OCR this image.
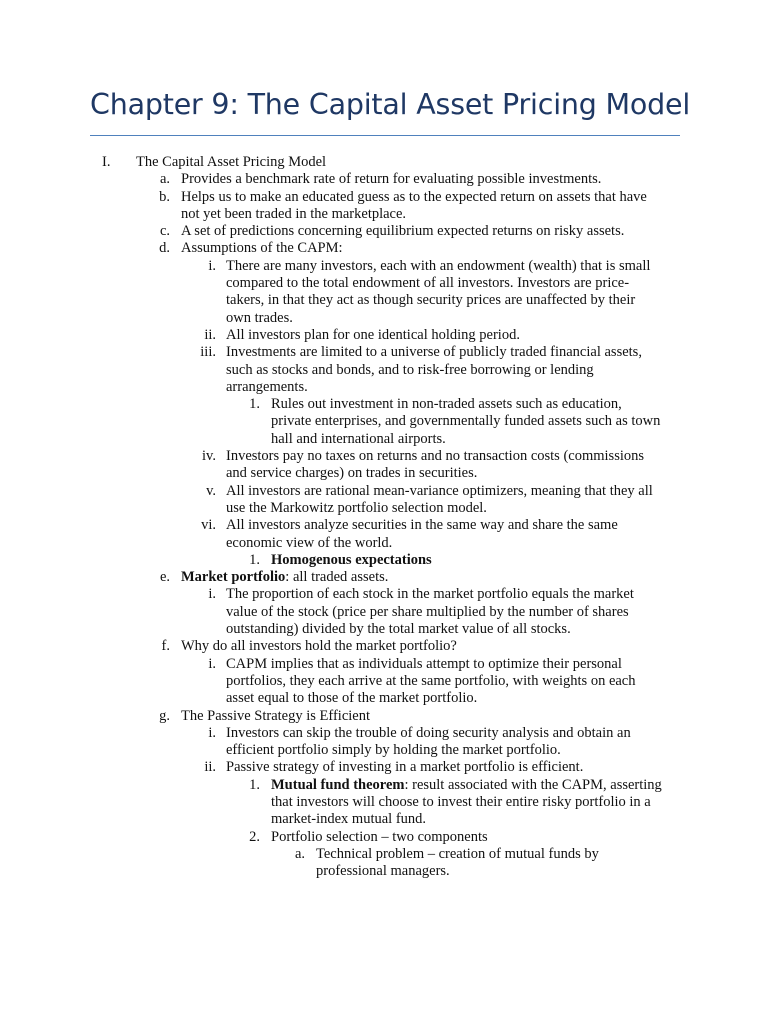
Chapter 9: The Capital Asset Pricing Model
I.	The Capital Asset Pricing Model
a. Provides a benchmark rate of return for evaluating possible investments.
b. Helps us to make an educated guess as to the expected return on assets that have
not yet been traded in the marketplace.
c. A set of predictions concerning equilibrium expected returns on risky assets.
d. Assumptions of the CAPM:
i. There are many investors, each with an endowment (wealth) that is small
compared to the total endowment of all investors. Investors are price-
takers, in that they act as though security prices are unaffected by their
own trades.
ii. All investors plan for one identical holding period.
iii. Investments are limited to a universe of publicly traded financial assets,
such as stocks and bonds, and to risk-free borrowing or lending
arrangements.
1. Rules out investment in non-traded assets such as education,
private enterprises, and governmentally funded assets such as town
hall and international airports.
iv. Investors pay no taxes on returns and no transaction costs (commissions
and service charges) on trades in securities.
v. All investors are rational mean-variance optimizers, meaning that they all
use the Markowitz portfolio selection model.
vi. All investors analyze securities in the same way and share the same
economic view of the world.
1. Homogenous expectations
e. Market portfolio: all traded assets.
i. The proportion of each stock in the market portfolio equals the market
value of the stock (price per share multiplied by the number of shares
outstanding) divided by the total market value of all stocks.
f. Why do all investors hold the market portfolio?
i. CAPM implies that as individuals attempt to optimize their personal
portfolios, they each arrive at the same portfolio, with weights on each
asset equal to those of the market portfolio.
g. The Passive Strategy is Efficient
i. Investors can skip the trouble of doing security analysis and obtain an
efficient portfolio simply by holding the market portfolio.
ii. Passive strategy of investing in a market portfolio is efficient.
1. Mutual fund theorem: result associated with the CAPM, asserting
that investors will choose to invest their entire risky portfolio in a
market-index mutual fund.
2. Portfolio selection – two components
a. Technical problem – creation of mutual funds by
professional managers.
